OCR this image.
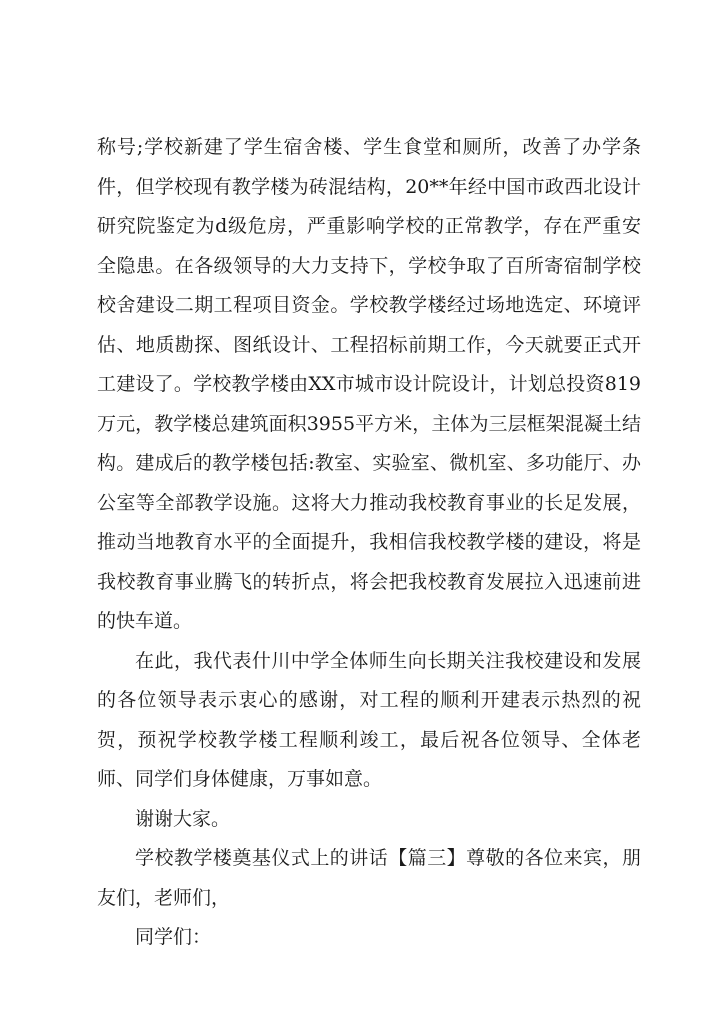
称号;学校新建了学生宿舍楼、学生食堂和厕所，改善了办学条件，但学校现有教学楼为砖混结构，20**年经中国市政西北设计研究院鉴定为d级危房，严重影响学校的正常教学，存在严重安全隐患。在各级领导的大力支持下，学校争取了百所寄宿制学校校舍建设二期工程项目资金。学校教学楼经过场地选定、环境评估、地质勘探、图纸设计、工程招标前期工作，今天就要正式开工建设了。学校教学楼由XX市城市设计院设计，计划总投资819万元，教学楼总建筑面积3955平方米，主体为三层框架混凝土结构。建成后的教学楼包括:教室、实验室、微机室、多功能厅、办公室等全部教学设施。这将大力推动我校教育事业的长足发展，推动当地教育水平的全面提升，我相信我校教学楼的建设，将是我校教育事业腾飞的转折点，将会把我校教育发展拉入迅速前进的快车道。

在此，我代表什川中学全体师生向长期关注我校建设和发展的各位领导表示衷心的感谢，对工程的顺利开建表示热烈的祝贺，预祝学校教学楼工程顺利竣工，最后祝各位领导、全体老师、同学们身体健康，万事如意。

谢谢大家。

学校教学楼奠基仪式上的讲话【篇三】尊敬的各位来宾，朋友们，老师们，

同学们：
